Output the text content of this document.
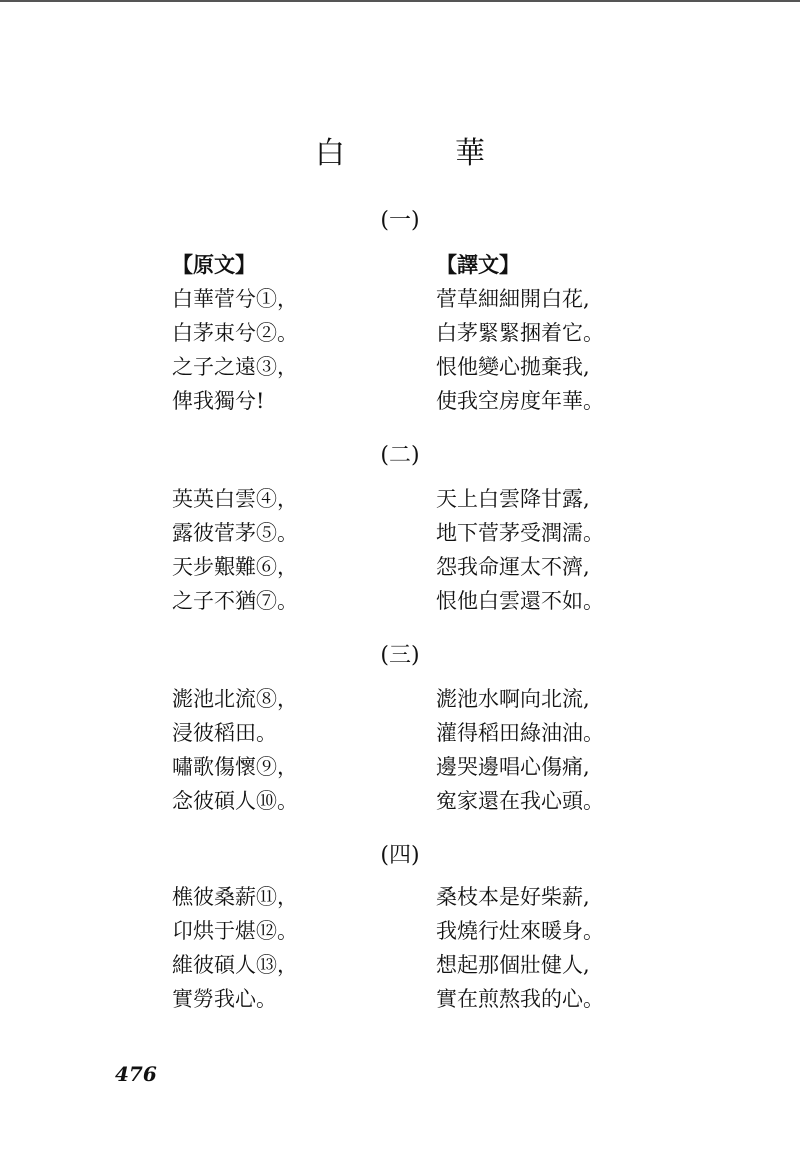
白　華
(一)
【原文】
白華菅兮①，
白茅束兮②。
之子之遠③，
俾我獨兮!
【譯文】
菅草細細開白花,
白茅緊緊捆着它。
恨他變心拋棄我,
使我空房度年華。
(二)
英英白雲④，
露彼菅茅⑤。
天步艱難⑥，
之子不猶⑦。
天上白雲降甘露,
地下菅茅受潤濡。
怨我命運太不濟,
恨他白雲還不如。
(三)
滮池北流⑧，
浸彼稻田。
嘯歌傷懷⑨，
念彼碩人⑩。
滮池水啊向北流,
灌得稻田綠油油。
邊哭邊唱心傷痛,
寃家還在我心頭。
(四)
樵彼桑薪⑪，
卬烘于煁⑫。
維彼碩人⑬，
實勞我心。
桑枝本是好柴薪,
我燒行灶來暖身。
想起那個壯健人,
實在煎熬我的心。
476
